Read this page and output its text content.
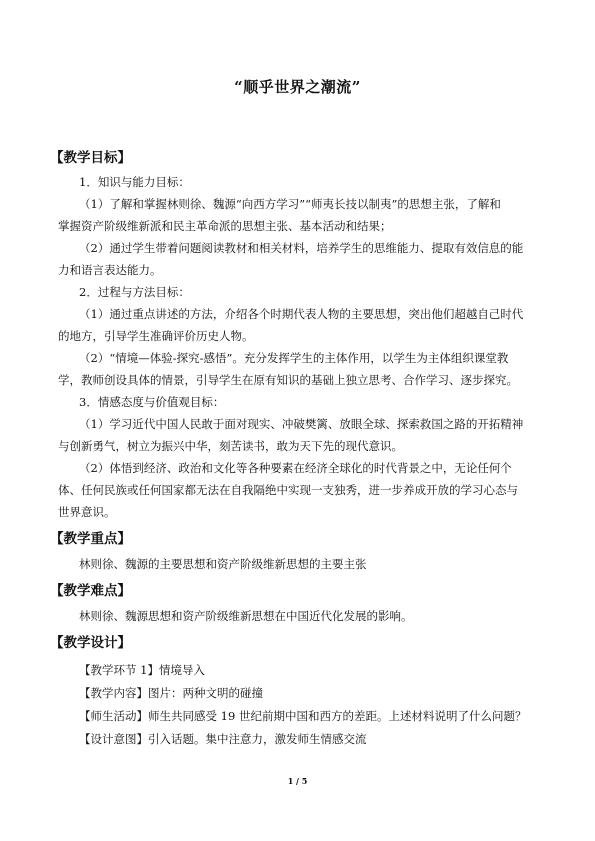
“顺乎世界之潮流”
【教学目标】
1．知识与能力目标：
（1）了解和掌握林则徐、魏源“向西方学习”“师夷长技以制夷”的思想主张，了解和
掌握资产阶级维新派和民主革命派的思想主张、基本活动和结果；
（2）通过学生带着问题阅读教材和相关材料，培养学生的思维能力、提取有效信息的能
力和语言表达能力。
2．过程与方法目标：
（1）通过重点讲述的方法，介绍各个时期代表人物的主要思想，突出他们超越自己时代
的地方，引导学生准确评价历史人物。
（2）“情境—体验-探究-感悟”。充分发挥学生的主体作用，以学生为主体组织课堂教
学，教师创设具体的情景，引导学生在原有知识的基础上独立思考、合作学习、逐步探究。
3．情感态度与价值观目标：
（1）学习近代中国人民敢于面对现实、冲破樊篱、放眼全球、探索救国之路的开拓精神
与创新勇气，树立为振兴中华，刻苦读书，敢为天下先的现代意识。
（2）体悟到经济、政治和文化等各种要素在经济全球化的时代背景之中，无论任何个
体、任何民族或任何国家都无法在自我隔绝中实现一支独秀，进一步养成开放的学习心态与
世界意识。
【教学重点】
林则徐、魏源的主要思想和资产阶级维新思想的主要主张
【教学难点】
林则徐、魏源思想和资产阶级维新思想在中国近代化发展的影响。
【教学设计】
【教学环节 1】情境导入
【教学内容】图片：两种文明的碰撞
【师生活动】师生共同感受 19 世纪前期中国和西方的差距。上述材料说明了什么问题？
【设计意图】引入话题。集中注意力，激发师生情感交流
1 / 5
